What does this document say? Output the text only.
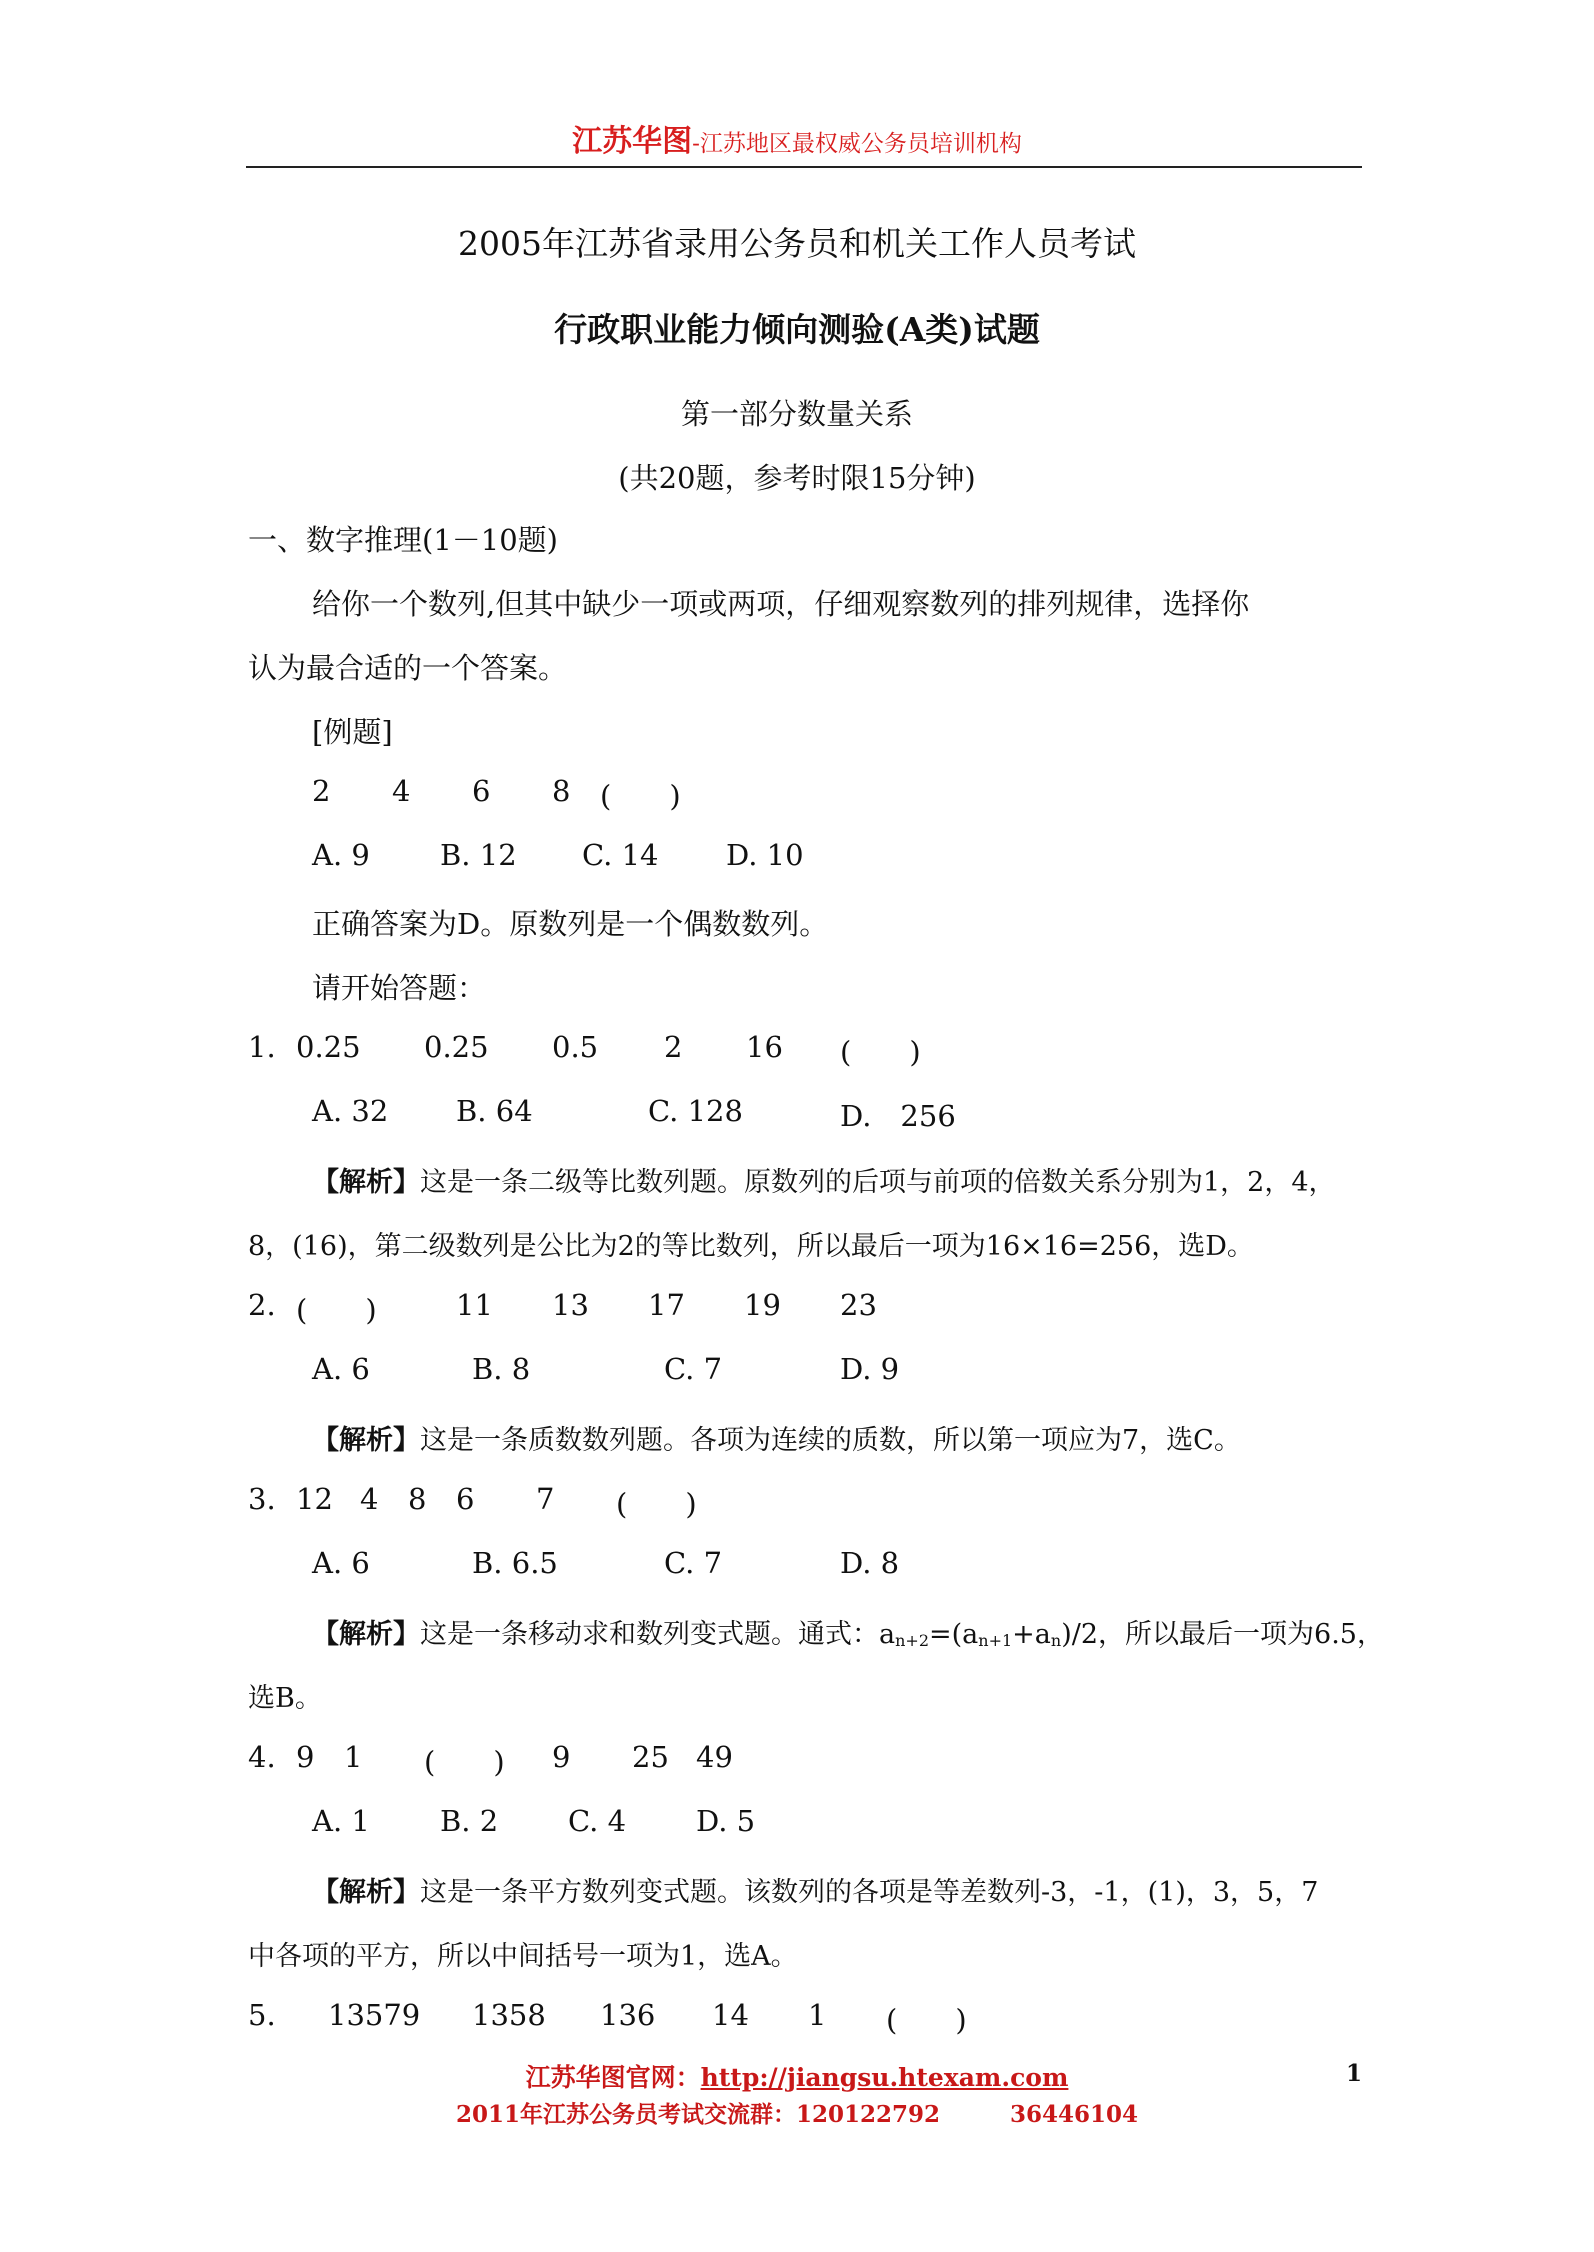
江苏华图-江苏地区最权威公务员培训机构
2005年江苏省录用公务员和机关工作人员考试
行政职业能力倾向测验(A类)试题
第一部分数量关系
(共20题，参考时限15分钟)
一、数字推理(1－10题)
给你一个数列,但其中缺少一项或两项，仔细观察数列的排列规律，选择你
认为最合适的一个答案。
[例题]
2 4 6 8 (　　)
A. 9 B. 12 C. 14 D. 10
正确答案为D。原数列是一个偶数数列。
请开始答题：
1. 0.25 0.25 0.5 2 16 (　　)
A. 32 B. 64	C. 128	D.　256
【解析】这是一条二级等比数列题。原数列的后项与前项的倍数关系分别为1，2，4，
8，(16)，第二级数列是公比为2的等比数列，所以最后一项为16×16=256，选D。
2. (　　)	11 13 17 19 23
A. 6	B. 8	C. 7	D. 9
【解析】这是一条质数数列题。各项为连续的质数，所以第一项应为7，选C。
3. 12 4 8 6 7 (　　)
A. 6	B. 6.5	C. 7	D. 8
【解析】这是一条移动求和数列变式题。通式：an+2=(an+1+an)/2，所以最后一项为6.5，
选B。
4. 9 1 (　　) 9 25 49
A. 1 B. 2 C. 4 D. 5
【解析】这是一条平方数列变式题。该数列的各项是等差数列-3，-1，(1)，3，5，7
中各项的平方，所以中间括号一项为1，选A。
5. 13579 1358 136 14 1 (　　)
江苏华图官网：http://jiangsu.htexam.com
2011年江苏公务员考试交流群：120122792	36446104
1
